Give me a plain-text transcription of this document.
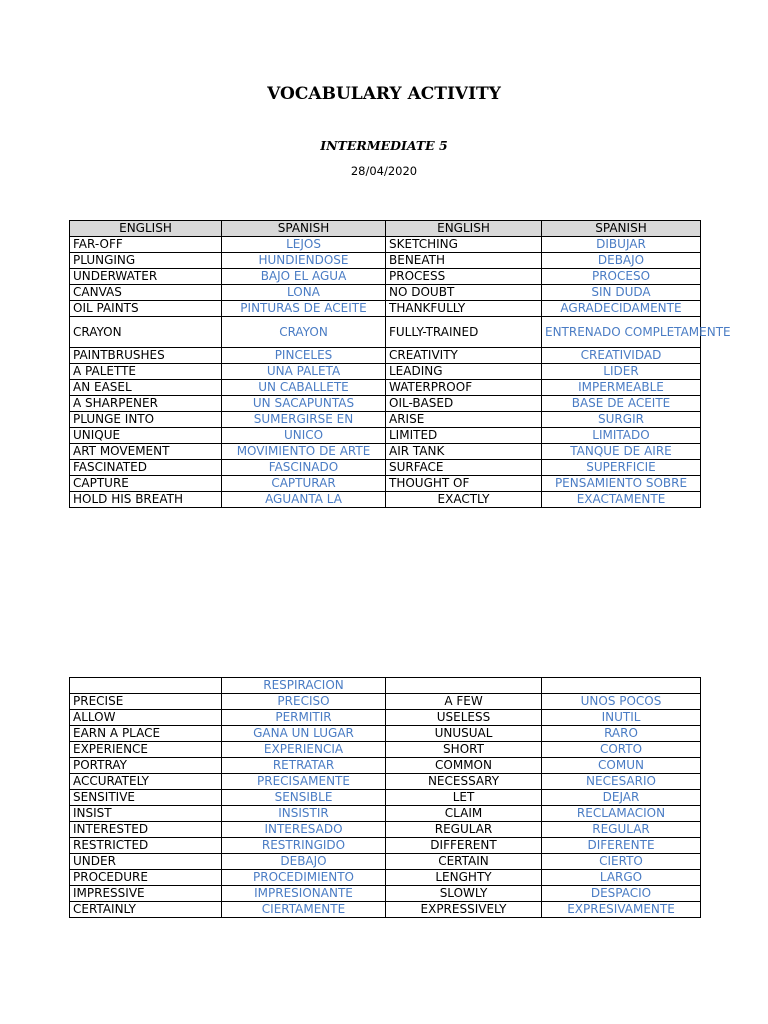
VOCABULARY ACTIVITY
INTERMEDIATE 5
28/04/2020
ENGLISH	SPANISH	ENGLISH	SPANISH
FAR-OFF	LEJOS	SKETCHING	DIBUJAR
PLUNGING	HUNDIENDOSE	BENEATH	DEBAJO
UNDERWATER	BAJO EL AGUA	PROCESS	PROCESO
CANVAS	LONA	NO DOUBT	SIN DUDA
OIL PAINTS	PINTURAS DE ACEITE	THANKFULLY	AGRADECIDAMENTE
CRAYON	CRAYON	FULLY-TRAINED	ENTRENADO COMPLETAMENTE
PAINTBRUSHES	PINCELES	CREATIVITY	CREATIVIDAD
A PALETTE	UNA PALETA	LEADING	LIDER
AN EASEL	UN CABALLETE	WATERPROOF	IMPERMEABLE
A SHARPENER	UN SACAPUNTAS	OIL-BASED	BASE DE ACEITE
PLUNGE INTO	SUMERGIRSE EN	ARISE	SURGIR
UNIQUE	UNICO	LIMITED	LIMITADO
ART MOVEMENT	MOVIMIENTO DE ARTE	AIR TANK	TANQUE DE AIRE
FASCINATED	FASCINADO	SURFACE	SUPERFICIE
CAPTURE	CAPTURAR	THOUGHT OF	PENSAMIENTO SOBRE
HOLD HIS BREATH	AGUANTA LA	EXACTLY	EXACTAMENTE
	RESPIRACION		
PRECISE	PRECISO	A FEW	UNOS POCOS
ALLOW	PERMITIR	USELESS	INUTIL
EARN A PLACE	GANA UN LUGAR	UNUSUAL	RARO
EXPERIENCE	EXPERIENCIA	SHORT	CORTO
PORTRAY	RETRATAR	COMMON	COMUN
ACCURATELY	PRECISAMENTE	NECESSARY	NECESARIO
SENSITIVE	SENSIBLE	LET	DEJAR
INSIST	INSISTIR	CLAIM	RECLAMACION
INTERESTED	INTERESADO	REGULAR	REGULAR
RESTRICTED	RESTRINGIDO	DIFFERENT	DIFERENTE
UNDER	DEBAJO	CERTAIN	CIERTO
PROCEDURE	PROCEDIMIENTO	LENGHTY	LARGO
IMPRESSIVE	IMPRESIONANTE	SLOWLY	DESPACIO
CERTAINLY	CIERTAMENTE	EXPRESSIVELY	EXPRESIVAMENTE
